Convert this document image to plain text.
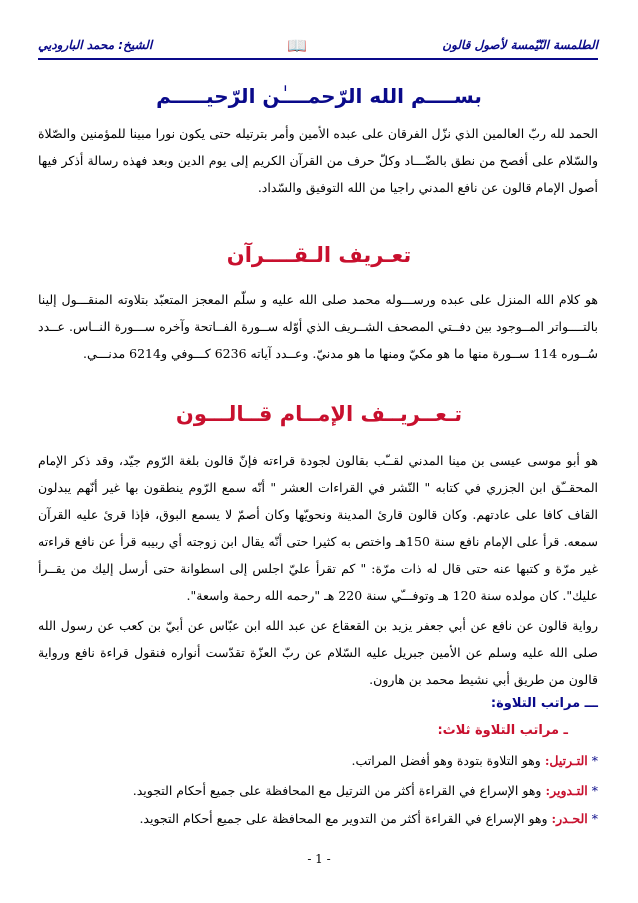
الطلمسة النّيّمسة لأصول قالون
📖
الشيخ: محمد الباروديي
بســــم الله الرّحمــــٰن الرّحيـــــم
الحمد لله ربّ العالمين الذي نزّل الفرقان على عبده الأمين وأمر بترتيله حتى يكون نورا مبينا للمؤمنين والصّلاة والسّلام على أفصح من نطق بالضّـــاد وكلّ حرف من القرآن الكريم إلى يوم الدين وبعد فهذه رسالة أذكر فيها أصول الإمام قالون عن نافع المدني راجيا من الله التوفيق والسّداد.
تعـريف الـقــــرآن
هو كلام الله المنزل على عبده ورســـوله محمد صلى الله عليه و سلّم المعجز المتعبّد بتلاوته المنقـــول إلينا بالتــــواتر المــوجود بين دفــتي المصحف الشــريف الذي أوّله ســورة الفــاتحة وآخره ســـورة النــاس. عــدد سُــوره 114 ســورة منها ما هو مكيّ ومنها ما هو مدنيّ. وعــدد آياته 6236 كـــوفي و6214 مدنـــي.
تـعــريــف الإمــام قــالـــون
هو أبو موسى عيسى بن مينا المدني لقــّب بقالون لجودة قراءته فإنّ قالون بلغة الرّوم جيّد، وقد ذكر الإمام المحقــّق ابن الجزري في كتابه " النّشر في القراءات العشر " أنّه سمع الرّوم ينطقون بها غير أنّهم يبدلون القاف كافا على عادتهم. وكان قالون قارئ المدينة ونحويّها وكان أصمّ لا يسمع البوق، فإذا قرئ عليه القرآن سمعه. قرأ على الإمام نافع سنة 150هـ واختص به كثيرا حتى أنّه يقال ابن زوجته أي ربيبه قرأ عن نافع قراءته غير مرّة و كتبها عنه حتى قال له ذات مرّة: " كم تقرأ عليّ اجلس إلى اسطوانة حتى أرسل إليك من يقــرأ عليك". كان مولده سنة 120 هـ وتوفـــّي سنة 220 هـ "رحمه الله رحمة واسعة".
رواية قالون عن نافع عن أبي جعفر يزيد بن القعقاع عن عبد الله ابن عبّاس عن أبيّ بن كعب عن رسول الله صلى الله عليه وسلم عن الأمين جبريل عليه السّلام عن ربّ العزّة تقدّست أنواره فنقول قراءة نافع ورواية قالون من طريق أبي نشيط محمد بن هارون.
ـــ مراتب التلاوة:
ـ مراتب التلاوة ثلاث:
* التـرتيل: وهو التلاوة بتودة وهو أفضل المراتب.
* التـدوير: وهو الإسراع في القراءة أكثر من الترتيل مع المحافظة على جميع أحكام التجويد.
* الحـدر: وهو الإسراع في القراءة أكثر من التدوير مع المحافظة على جميع أحكام التجويد.
- 1 -
